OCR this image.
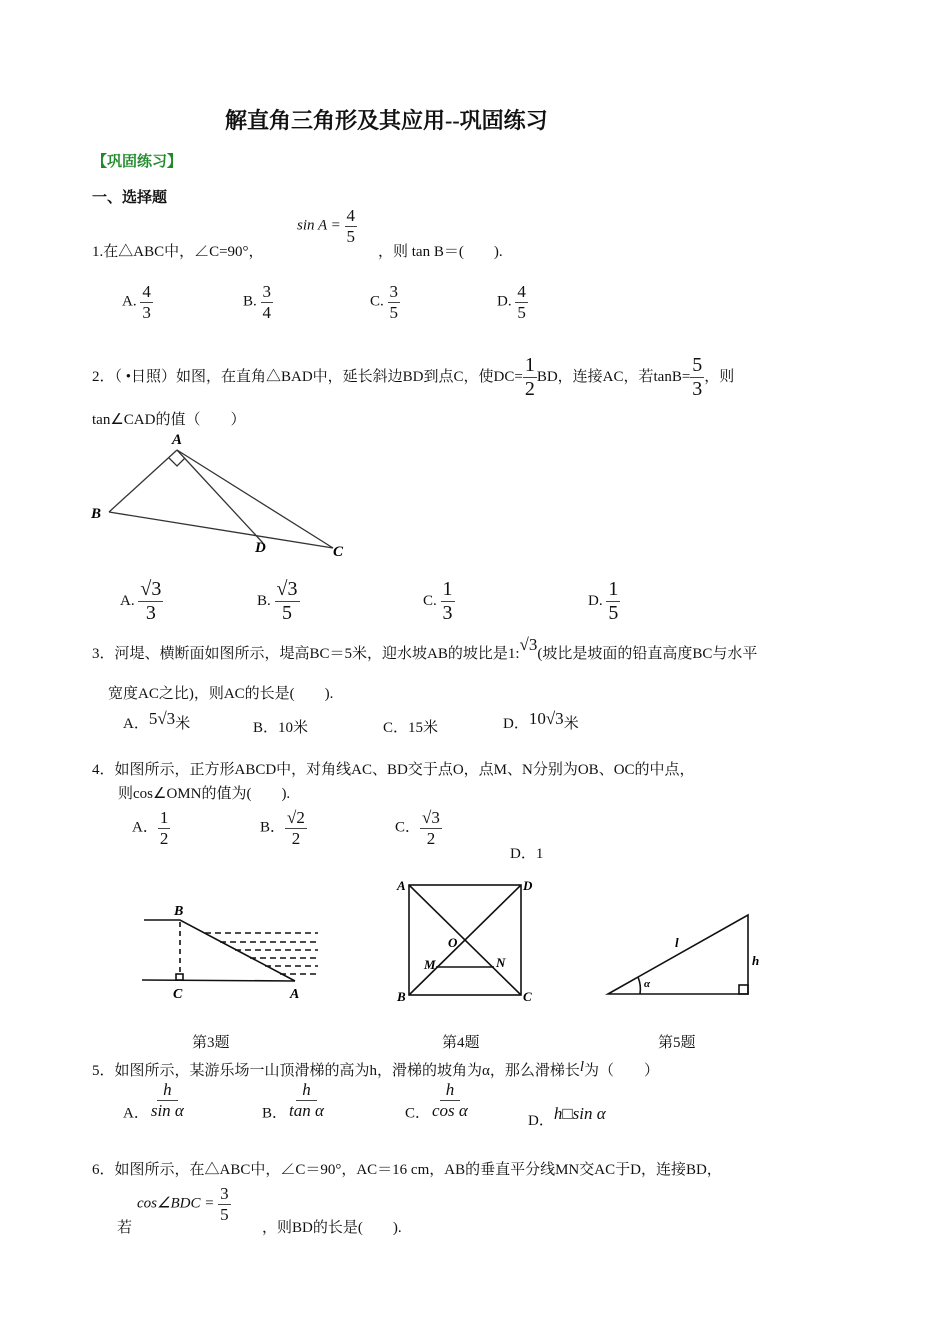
解直角三角形及其应用--巩固练习
【巩固练习】
一、选择题
1.在△ABC中，∠C=90°，
$\sin A = \frac{4}{5}$
，则 tan B＝(　　).
A. $\frac{4}{3}$	B. $\frac{3}{4}$	C. $\frac{3}{5}$	D. $\frac{4}{5}$
2．（ •日照）如图，在直角△BAD中，延长斜边BD到点C，使$DC= \frac{1}{2}$ BD，连接AC，若$\tan B= \frac{5}{3}$ ，则
tan∠CAD的值（　　）
A
B
D	C
A. $\frac{√3}{3}$	B. $\frac{√3}{5}$	C. $\frac{1}{3}$	D. $\frac{1}{5}$
3．河堤、横断面如图所示，堤高BC＝5米，迎水坡AB的坡比是1:√3(坡比是坡面的铅直高度BC与水平
宽度AC之比)，则AC的长是(　　).
A．5√3米	B．10米	C．15米	D．10√3米
4．如图所示，正方形ABCD中，对角线AC、BD交于点O，点M、N分别为OB、OC的中点，
则cos∠OMN的值为(　　).
A． $\frac{1}{2}$	B． $\frac{√2}{2}$	C． $\frac{√3}{2}$
D．1
B
C	A
A	D
B	C
O
M	N
l
h
α
第3题	第4题	第5题
5．如图所示，某游乐场一山顶滑梯的高为h，滑梯的坡角为α，那么滑梯长l为（　　）
A． $\frac{h}{\text{sin α}}$	B． $\frac{h}{\text{tan α}}$	C． $\frac{h}{\text{cos α}}$
D．h□sin α
6．如图所示，在△ABC中，∠C＝90°，AC＝16 cm，AB的垂直平分线MN交AC于D，连接BD，
若
cos∠BDC = $\frac{3}{5}$
，则BD的长是(　　).
